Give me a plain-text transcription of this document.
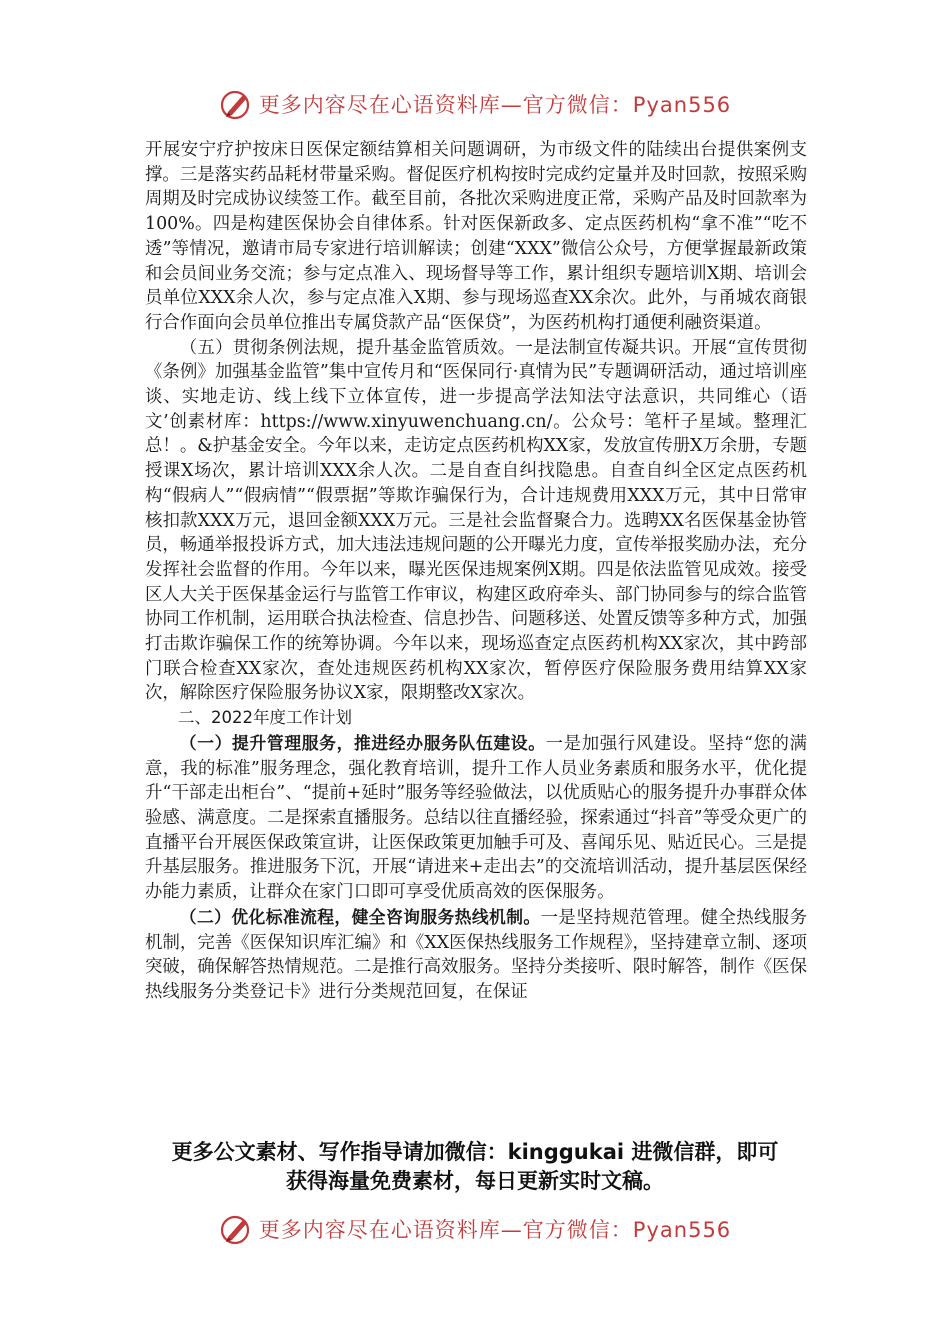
更多内容尽在心语资料库—官方微信：Pyan556

开展安宁疗护按床日医保定额结算相关问题调研，为市级文件的陆续出台提供案例支撑。三是落实药品耗材带量采购。督促医疗机构按时完成约定量并及时回款，按照采购周期及时完成协议续签工作。截至目前，各批次采购进度正常，采购产品及时回款率为100%。四是构建医保协会自律体系。针对医保新政多、定点医药机构“拿不准”“吃不透”等情况，邀请市局专家进行培训解读；创建“XXX”微信公众号，方便掌握最新政策和会员间业务交流；参与定点准入、现场督导等工作，累计组织专题培训X期、培训会员单位XXX余人次，参与定点准入X期、参与现场巡查XX余次。此外，与甬城农商银行合作面向会员单位推出专属贷款产品“医保贷”，为医药机构打通便利融资渠道。

（五）贯彻条例法规，提升基金监管质效。一是法制宣传凝共识。开展“宣传贯彻《条例》加强基金监管”集中宣传月和“医保同行·真情为民”专题调研活动，通过培训座谈、实地走访、线上线下立体宣传，进一步提高学法知法守法意识，共同维心（语文’创素材库：https://www.xinyuwenchuang.cn/。公众号：笔杆子星域。整理汇总！。&护基金安全。今年以来，走访定点医药机构XX家，发放宣传册X万余册，专题授课X场次，累计培训XXX余人次。二是自查自纠找隐患。自查自纠全区定点医药机构“假病人”“假病情”“假票据”等欺诈骗保行为，合计违规费用XXX万元，其中日常审核扣款XXX万元，退回金额XXX万元。三是社会监督聚合力。选聘XX名医保基金协管员，畅通举报投诉方式，加大违法违规问题的公开曝光力度，宣传举报奖励办法，充分发挥社会监督的作用。今年以来，曝光医保违规案例X期。四是依法监管见成效。接受区人大关于医保基金运行与监管工作审议，构建区政府牵头、部门协同参与的综合监管协同工作机制，运用联合执法检查、信息抄告、问题移送、处置反馈等多种方式，加强打击欺诈骗保工作的统筹协调。今年以来，现场巡查定点医药机构XX家次，其中跨部门联合检查XX家次，查处违规医药机构XX家次，暂停医疗保险服务费用结算XX家次，解除医疗保险服务协议X家，限期整改X家次。

二、2022年度工作计划

（一）提升管理服务，推进经办服务队伍建设。一是加强行风建设。坚持“您的满意，我的标准”服务理念，强化教育培训，提升工作人员业务素质和服务水平，优化提升“干部走出柜台”、“提前+延时”服务等经验做法，以优质贴心的服务提升办事群众体验感、满意度。二是探索直播服务。总结以往直播经验，探索通过“抖音”等受众更广的直播平台开展医保政策宣讲，让医保政策更加触手可及、喜闻乐见、贴近民心。三是提升基层服务。推进服务下沉，开展“请进来+走出去”的交流培训活动，提升基层医保经办能力素质，让群众在家门口即可享受优质高效的医保服务。

（二）优化标准流程，健全咨询服务热线机制。一是坚持规范管理。健全热线服务机制，完善《医保知识库汇编》和《XX医保热线服务工作规程》，坚持建章立制、逐项突破，确保解答热情规范。二是推行高效服务。坚持分类接听、限时解答，制作《医保热线服务分类登记卡》进行分类规范回复，在保证

更多公文素材、写作指导请加微信：kinggukai 进微信群，即可
获得海量免费素材，每日更新实时文稿。
更多内容尽在心语资料库—官方微信：Pyan556
